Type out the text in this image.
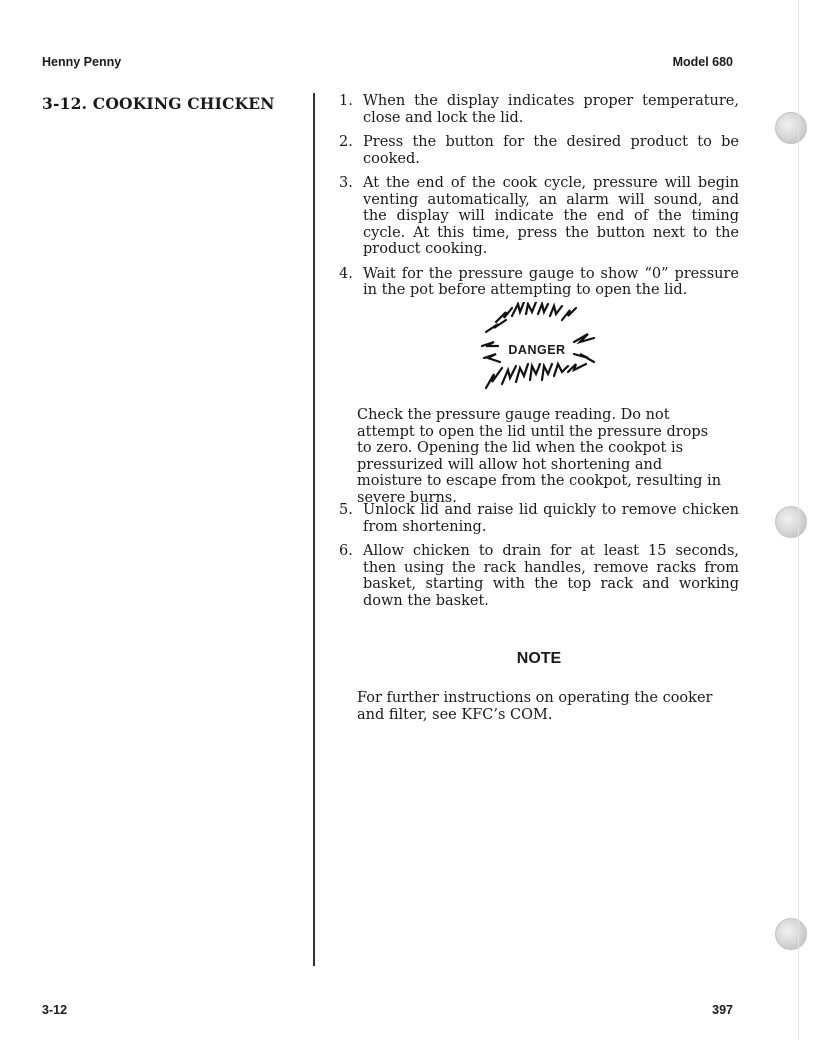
Henny Penny	Model 680
3-12. COOKING CHICKEN	1. When the display indicates proper temperature, close and lock the lid.
2. Press the button for the desired product to be cooked.
3. At the end of the cook cycle, pressure will begin venting automatically, an alarm will sound, and the display will indicate the end of the timing cycle. At this time, press the button next to the product cooking.
4. Wait for the pressure gauge to show “0” pressure in the pot before attempting to open the lid.
DANGER
Check the pressure gauge reading. Do not attempt to open the lid until the pressure drops to zero. Opening the lid when the cookpot is pressurized will allow hot shortening and moisture to escape from the cookpot, resulting in severe burns.
5. Unlock lid and raise lid quickly to remove chicken from shortening.
6. Allow chicken to drain for at least 15 seconds, then using the rack handles, remove racks from basket, starting with the top rack and working down the basket.
NOTE
For further instructions on operating the cooker and filter, see KFC’s COM.
3-12	397
